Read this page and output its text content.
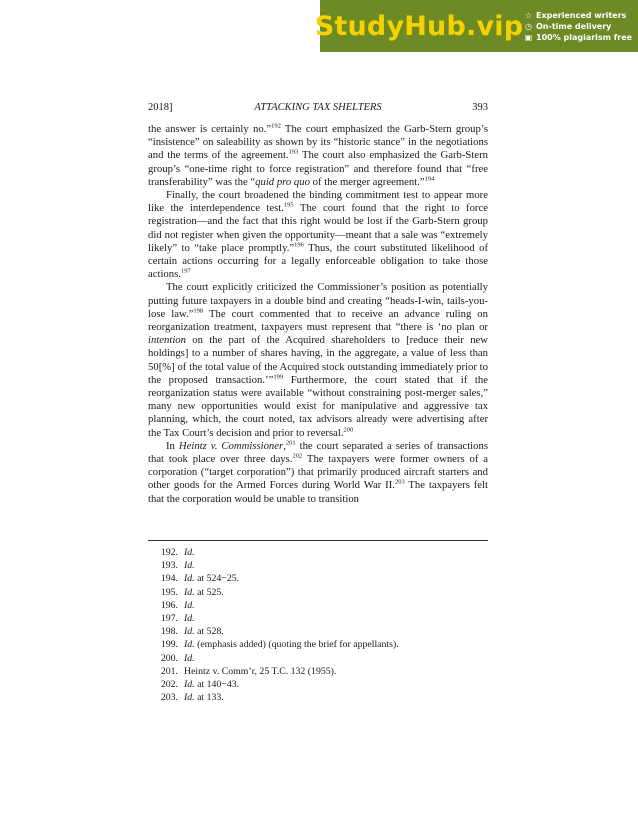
StudyHub.vip ☆ Experienced writers
◷ On-time delivery
▣ 100% plagiarism free
2018]	ATTACKING TAX SHELTERS	393

the answer is certainly no.”$^{192}$ The court emphasized the Garb-Stern group’s “insistence” on saleability as shown by its “historic stance” in the negotiations and the terms of the agreement.$^{193}$ The court also emphasized the Garb-Stern group’s “one-time right to force registration” and therefore found that “free transferability” was the “quid pro quo of the merger agreement.”$^{194}$

Finally, the court broadened the binding commitment test to appear more like the interdependence test.$^{195}$ The court found that the right to force registration—and the fact that this right would be lost if the Garb-Stern group did not register when given the opportunity—meant that a sale was “extremely likely” to “take place promptly.”$^{196}$ Thus, the court substituted likelihood of certain actions occurring for a legally enforceable obligation to take those actions.$^{197}$

The court explicitly criticized the Commissioner’s position as potentially putting future taxpayers in a double bind and creating “heads-I-win, tails-you-lose law.”$^{198}$ The court commented that to receive an advance ruling on reorganization treatment, taxpayers must represent that “there is ‘no plan or intention on the part of the Acquired shareholders to [reduce their new holdings] to a number of shares having, in the aggregate, a value of less than 50[%] of the total value of the Acquired stock outstanding immediately prior to the proposed transaction.’”$^{199}$ Furthermore, the court stated that if the reorganization status were available “without constraining post-merger sales,” many new opportunities would exist for manipulative and aggressive tax planning, which, the court noted, tax advisors already were advertising after the Tax Court’s decision and prior to reversal.$^{200}$

In Heintz v. Commissioner,$^{201}$ the court separated a series of transactions that took place over three days.$^{202}$ The taxpayers were former owners of a corporation (“target corporation”) that primarily produced aircraft starters and other goods for the Armed Forces during World War II.$^{203}$ The taxpayers felt that the corporation would be unable to transition

192. Id.
193. Id.
194. Id. at 524−25.
195. Id. at 525.
196. Id.
197. Id.
198. Id. at 528.
199. Id. (emphasis added) (quoting the brief for appellants).
200. Id.
201. Heintz v. Comm’r, 25 T.C. 132 (1955).
202. Id. at 140−43.
203. Id. at 133.
